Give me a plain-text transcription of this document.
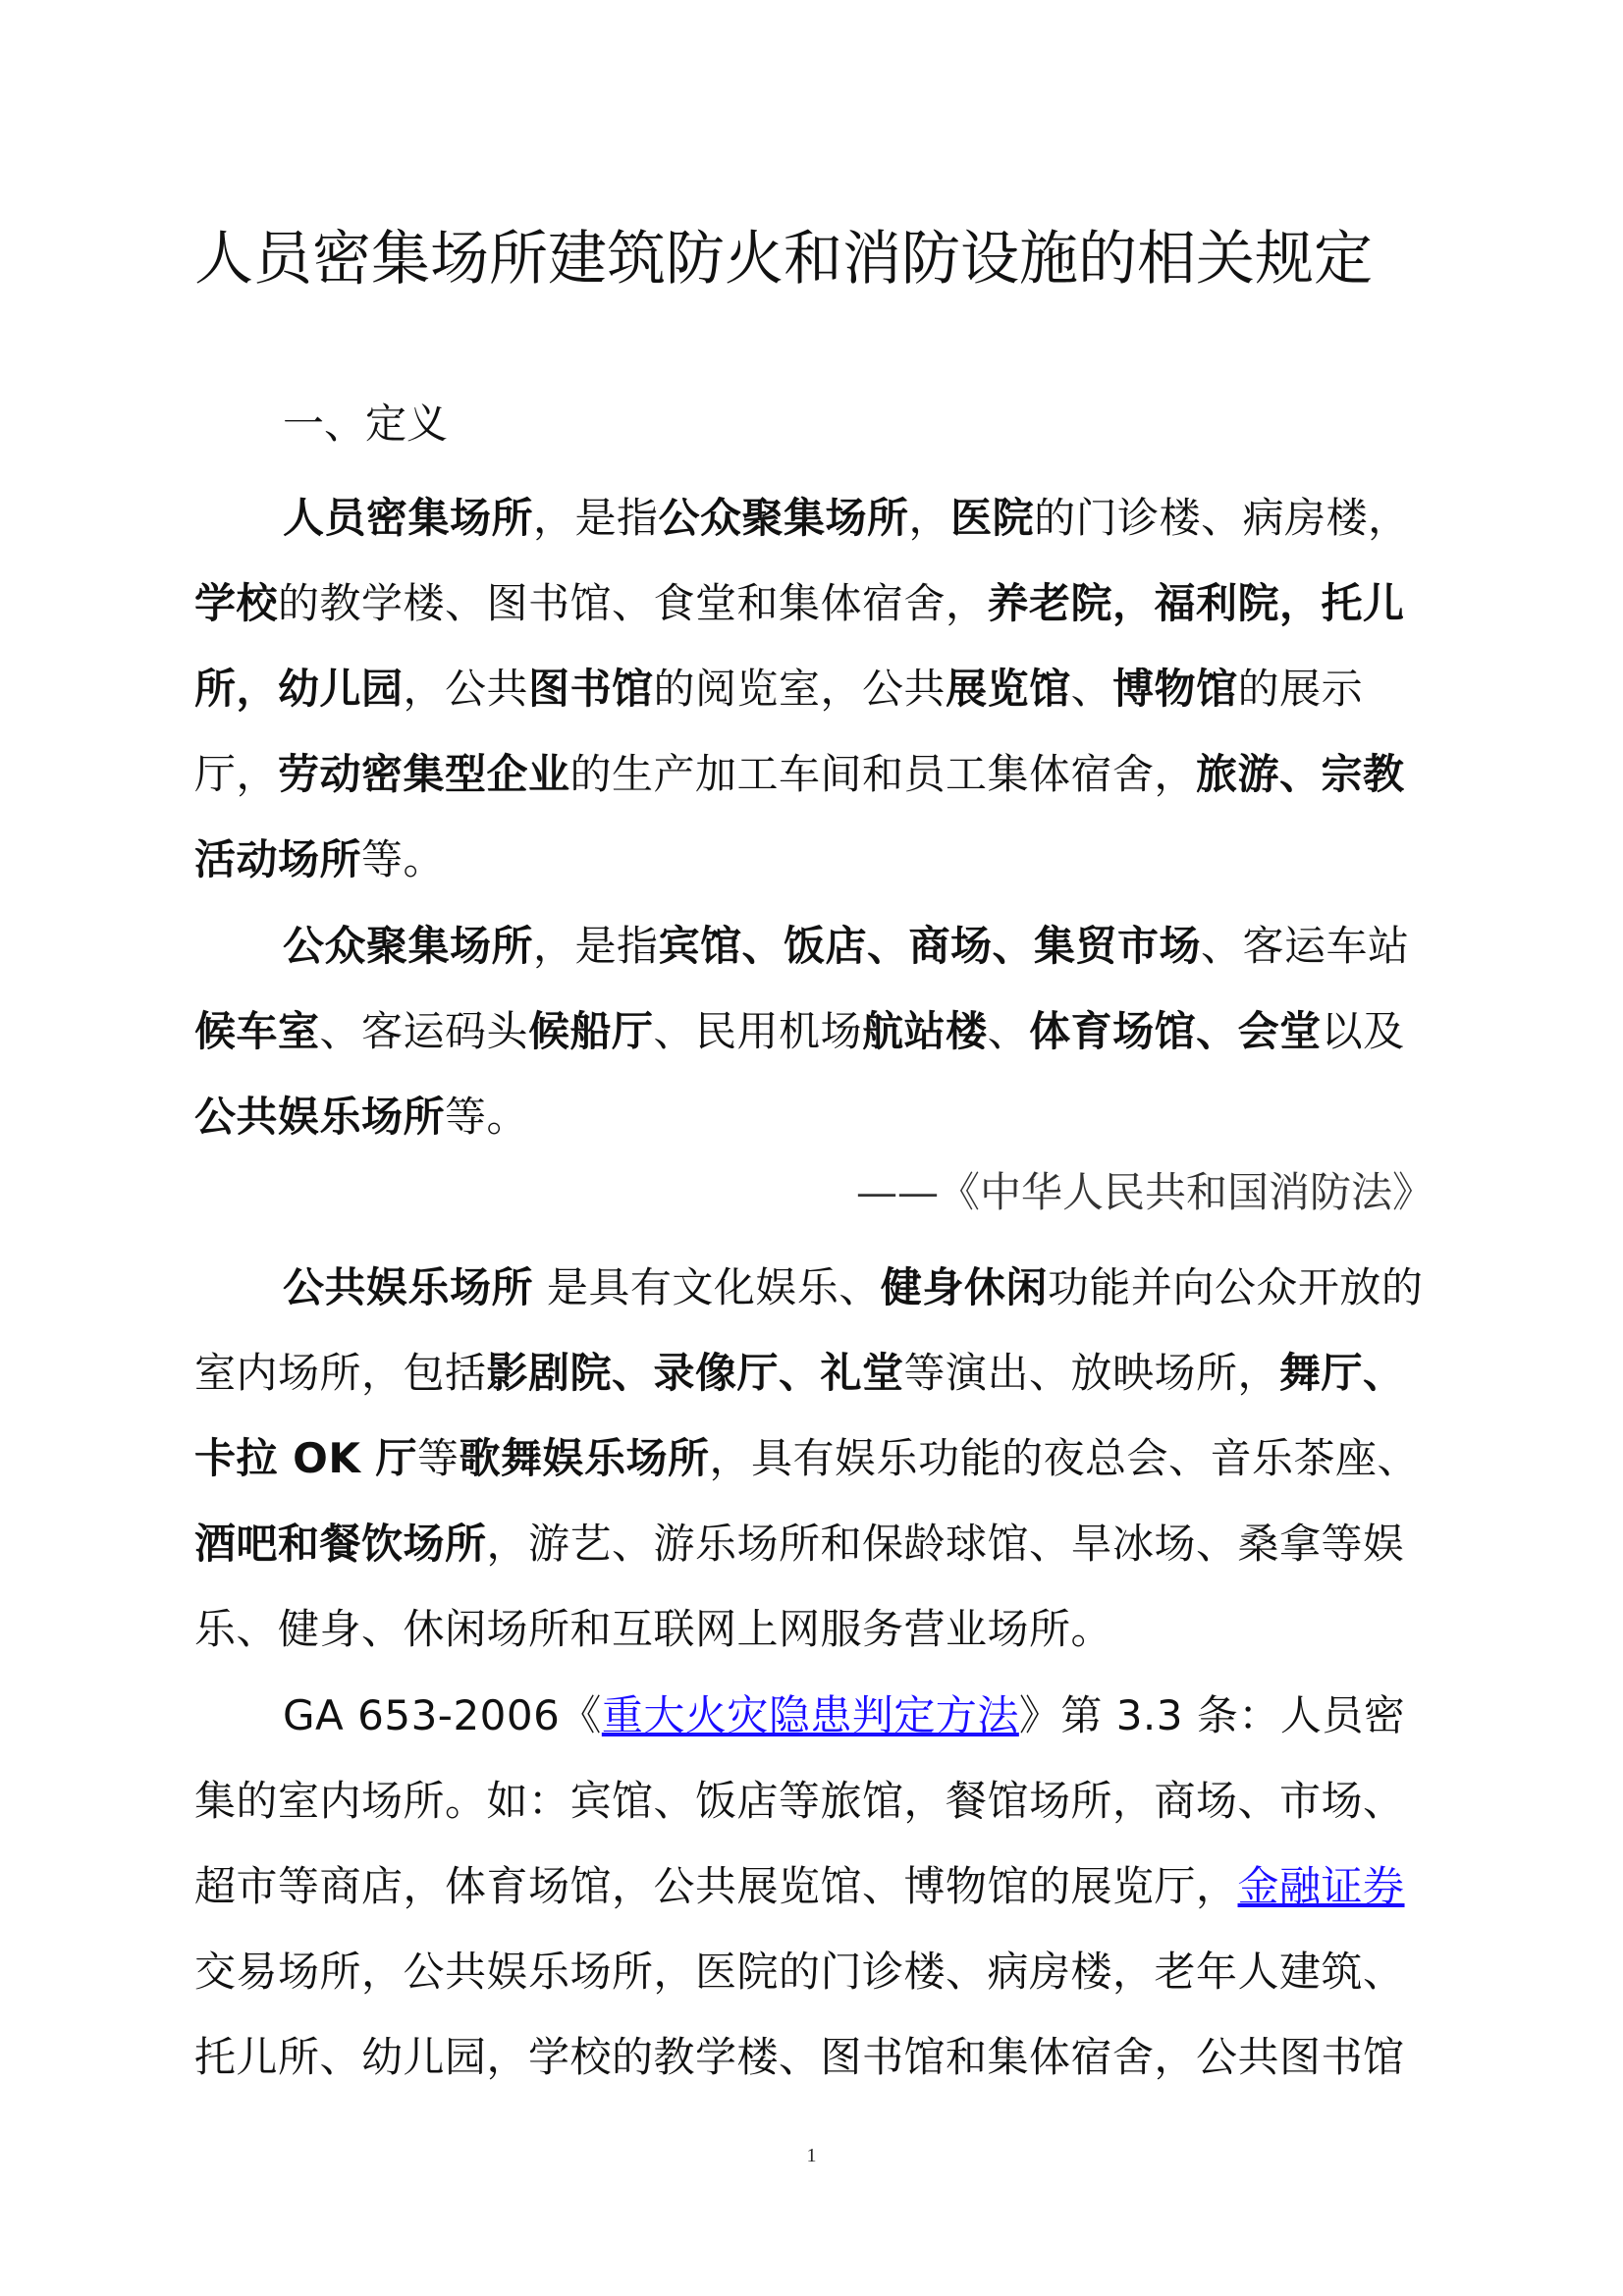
人员密集场所建筑防火和消防设施的相关规定

一、定义

人员密集场所，是指公众聚集场所，医院的门诊楼、病房楼，学校的教学楼、图书馆、食堂和集体宿舍，养老院，福利院，托儿所，幼儿园，公共图书馆的阅览室，公共展览馆、博物馆的展示厅，劳动密集型企业的生产加工车间和员工集体宿舍，旅游、宗教活动场所等。

公众聚集场所，是指宾馆、饭店、商场、集贸市场、客运车站候车室、客运码头候船厅、民用机场航站楼、体育场馆、会堂以及公共娱乐场所等。

——《中华人民共和国消防法》

公共娱乐场所 是具有文化娱乐、健身休闲功能并向公众开放的室内场所，包括影剧院、录像厅、礼堂等演出、放映场所，舞厅、卡拉 OK 厅等歌舞娱乐场所，具有娱乐功能的夜总会、音乐茶座、酒吧和餐饮场所，游艺、游乐场所和保龄球馆、旱冰场、桑拿等娱乐、健身、休闲场所和互联网上网服务营业场所。

GA 653-2006《重大火灾隐患判定方法》第 3.3 条：人员密集的室内场所。如：宾馆、饭店等旅馆，餐馆场所，商场、市场、超市等商店，体育场馆，公共展览馆、博物馆的展览厅，金融证券交易场所，公共娱乐场所，医院的门诊楼、病房楼，老年人建筑、托儿所、幼儿园，学校的教学楼、图书馆和集体宿舍，公共图书馆

1
